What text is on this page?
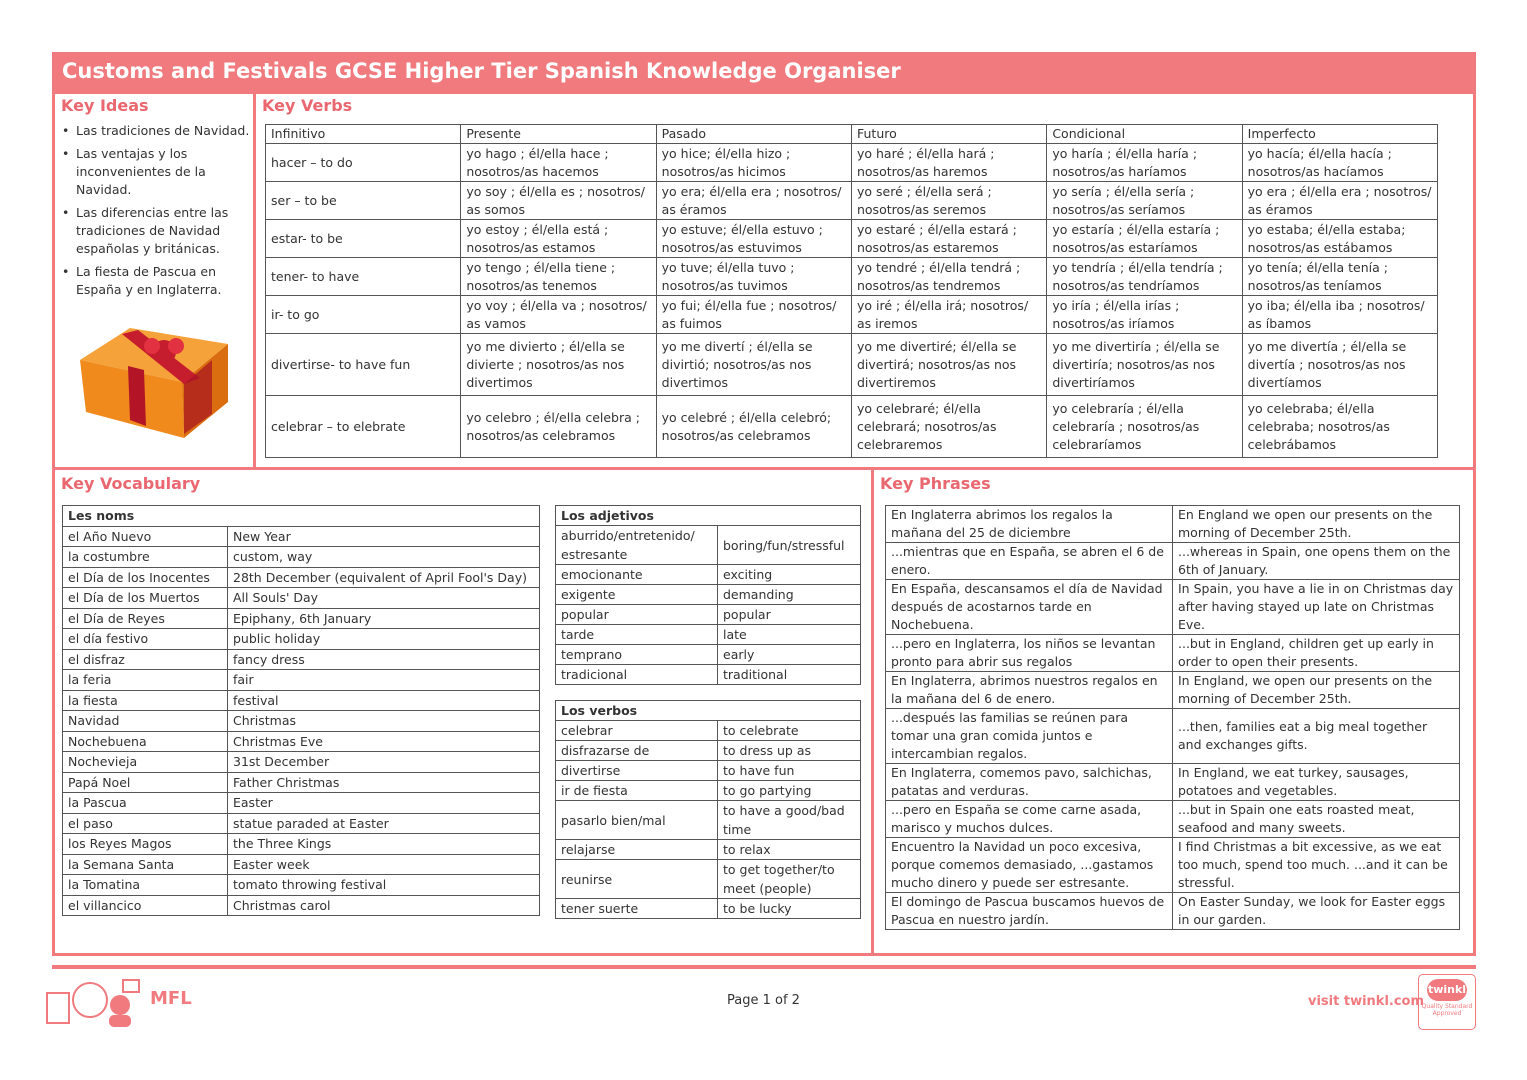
Customs and Festivals GCSE Higher Tier Spanish Knowledge Organiser
Key Ideas
• Las tradiciones de Navidad.
• Las ventajas y los inconvenientes de la Navidad.
• Las diferencias entre las tradiciones de Navidad españolas y británicas.
• La fiesta de Pascua en España y en Inglaterra.
Key Verbs
Infinitivo	Presente	Pasado	Futuro	Condicional	Imperfecto
hacer – to do	yo hago ; él/ella hace ; nosotros/as hacemos	yo hice; él/ella hizo ; nosotros/as hicimos	yo haré ; él/ella hará ; nosotros/as haremos	yo haría ; él/ella haría ; nosotros/as haríamos	yo hacía; él/ella hacía ; nosotros/as hacíamos
ser – to be	yo soy ; él/ella es ; nosotros/ as somos	yo era; él/ella era ; nosotros/ as éramos	yo seré ; él/ella será ; nosotros/as seremos	yo sería ; él/ella sería ; nosotros/as seríamos	yo era ; él/ella era ; nosotros/ as éramos
estar- to be	yo estoy ; él/ella está ; nosotros/as estamos	yo estuve; él/ella estuvo ; nosotros/as estuvimos	yo estaré ; él/ella estará ; nosotros/as estaremos	yo estaría ; él/ella estaría ; nosotros/as estaríamos	yo estaba; él/ella estaba; nosotros/as estábamos
tener- to have	yo tengo ; él/ella tiene ; nosotros/as tenemos	yo tuve; él/ella tuvo ; nosotros/as tuvimos	yo tendré ; él/ella tendrá ; nosotros/as tendremos	yo tendría ; él/ella tendría ; nosotros/as tendríamos	yo tenía; él/ella tenía ; nosotros/as teníamos
ir- to go	yo voy ; él/ella va ; nosotros/ as vamos	yo fui; él/ella fue ; nosotros/ as fuimos	yo iré ; él/ella irá; nosotros/ as iremos	yo iría ; él/ella irías ; nosotros/as iríamos	yo iba; él/ella iba ; nosotros/ as íbamos
divertirse- to have fun	yo me divierto ; él/ella se divierte ; nosotros/as nos divertimos	yo me divertí ; él/ella se divirtió; nosotros/as nos divertimos	yo me divertiré; él/ella se divertirá; nosotros/as nos divertiremos	yo me divertiría ; él/ella se divertiría; nosotros/as nos divertiríamos	yo me divertía ; él/ella se divertía ; nosotros/as nos divertíamos
celebrar – to elebrate	yo celebro ; él/ella celebra ; nosotros/as celebramos	yo celebré ; él/ella celebró; nosotros/as celebramos	yo celebraré; él/ella celebrará; nosotros/as celebraremos	yo celebraría ; él/ella celebraría ; nosotros/as celebraríamos	yo celebraba; él/ella celebraba; nosotros/as celebrábamos
Key Vocabulary
Les noms	
el Año Nuevo	New Year
la costumbre	custom, way
el Día de los Inocentes	28th December (equivalent of April Fool's Day)
el Día de los Muertos	All Souls' Day
el Día de Reyes	Epiphany, 6th January
el día festivo	public holiday
el disfraz	fancy dress
la feria	fair
la fiesta	festival
Navidad	Christmas
Nochebuena	Christmas Eve
Nochevieja	31st December
Papá Noel	Father Christmas
la Pascua	Easter
el paso	statue paraded at Easter
los Reyes Magos	the Three Kings
la Semana Santa	Easter week
la Tomatina	tomato throwing festival
el villancico	Christmas carol
Los adjetivos	
aburrido/entretenido/ estresante	boring/fun/stressful
emocionante	exciting
exigente	demanding
popular	popular
tarde	late
temprano	early
tradicional	traditional
Los verbos	
celebrar	to celebrate
disfrazarse de	to dress up as
divertirse	to have fun
ir de fiesta	to go partying
pasarlo bien/mal	to have a good/bad time
relajarse	to relax
reunirse	to get together/to meet (people)
tener suerte	to be lucky
Key Phrases
En Inglaterra abrimos los regalos la mañana del 25 de diciembre	En England we open our presents on the morning of December 25th.
...mientras que en España, se abren el 6 de enero.	...whereas in Spain, one opens them on the 6th of January.
En España, descansamos el día de Navidad después de acostarnos tarde en Nochebuena.	In Spain, you have a lie in on Christmas day after having stayed up late on Christmas Eve.
...pero en Inglaterra, los niños se levantan pronto para abrir sus regalos	...but in England, children get up early in order to open their presents.
En Inglaterra, abrimos nuestros regalos en la mañana del 6 de enero.	In England, we open our presents on the morning of December 25th.
...después las familias se reúnen para tomar una gran comida juntos e intercambian regalos.	...then, families eat a big meal together and exchanges gifts.
En Inglaterra, comemos pavo, salchichas, patatas and verduras.	In England, we eat turkey, sausages, potatoes and vegetables.
...pero en España se come carne asada, marisco y muchos dulces.	...but in Spain one eats roasted meat, seafood and many sweets.
Encuentro la Navidad un poco excesiva, porque comemos demasiado, ...gastamos mucho dinero y puede ser estresante.	I find Christmas a bit excessive, as we eat too much, spend too much. ...and it can be stressful.
El domingo de Pascua buscamos huevos de Pascua en nuestro jardín.	On Easter Sunday, we look for Easter eggs in our garden.
MFL	Page 1 of 2	visit twinkl.com
twinkl
Quality Standard Approved
